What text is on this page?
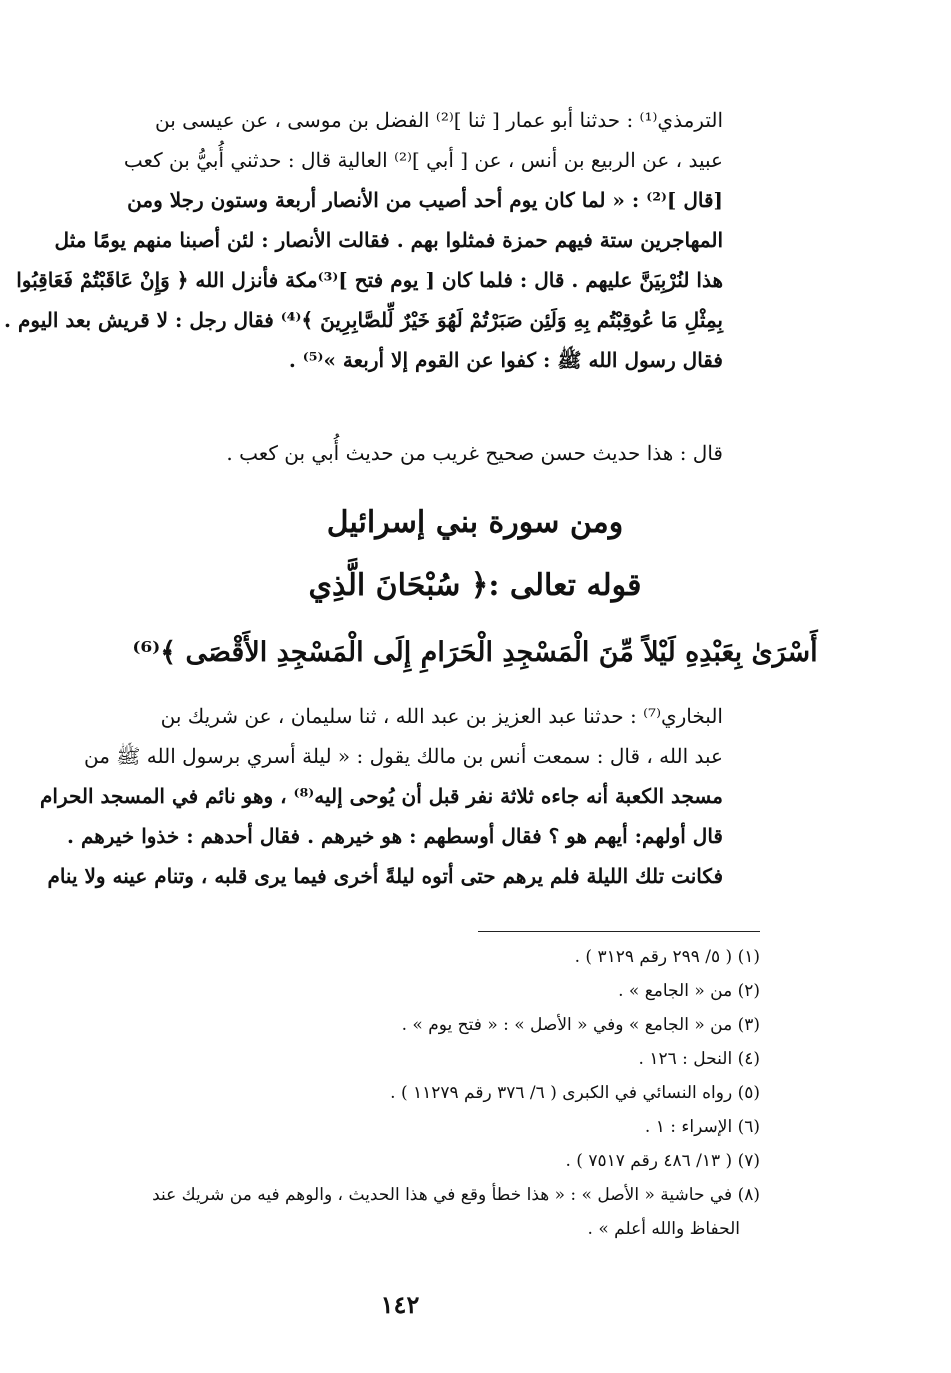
الترمذي⁽¹⁾ : حدثنا أبو عمار [ ثنا ]⁽²⁾ الفضل بن موسى ، عن عيسى بن
عبيد ، عن الربيع بن أنس ، عن [ أبي ]⁽²⁾ العالية قال : حدثني أُبيُّ بن كعب
[قال ]⁽²⁾ : « لما كان يوم أحد أصيب من الأنصار أربعة وستون رجلا ومن
المهاجرين ستة فيهم حمزة فمثلوا بهم . فقالت الأنصار : لئن أصبنا منهم يومًا مثل
هذا لنُرْبِيَنَّ عليهم . قال : فلما كان [ يوم فتح ]⁽³⁾مكة فأنزل الله ﴿ وَإِنْ عَاقَبْتُمْ فَعَاقِبُوا
بِمِثْلِ مَا عُوقِبْتُم بِهِ وَلَئِن صَبَرْتُمْ لَهُوَ خَيْرٌ لِّلصَّابِرِينَ ﴾⁽⁴⁾ فقال رجل : لا قريش بعد اليوم .
فقال رسول الله ﷺ : كفوا عن القوم إلا أربعة »⁽⁵⁾ .
قال : هذا حديث حسن صحيح غريب من حديث أُبي بن كعب .
ومن سورة بني إسرائيل
قوله تعالى :﴿ سُبْحَانَ الَّذِي
أَسْرَىٰ بِعَبْدِهِ لَيْلاً مِّنَ الْمَسْجِدِ الْحَرَامِ إِلَى الْمَسْجِدِ الأَقْصَى ﴾⁽⁶⁾
البخاري⁽⁷⁾ : حدثنا عبد العزيز بن عبد الله ، ثنا سليمان ، عن شريك بن
عبد الله ، قال : سمعت أنس بن مالك يقول : « ليلة أسري برسول الله ﷺ من
مسجد الكعبة أنه جاءه ثلاثة نفر قبل أن يُوحى إليه⁽⁸⁾ ، وهو نائم في المسجد الحرام
قال أولهم: أيهم هو ؟ فقال أوسطهم : هو خيرهم . فقال أحدهم : خذوا خيرهم .
فكانت تلك الليلة فلم يرهم حتى أتوه ليلةً أخرى فيما يرى قلبه ، وتنام عينه ولا ينام
(١) ( ٥/ ٢٩٩ رقم ٣١٢٩ ) .
(٢) من « الجامع » .
(٣) من « الجامع » وفي « الأصل » : « فتح يوم » .
(٤) النحل : ١٢٦ .
(٥) رواه النسائي في الكبرى ( ٦/ ٣٧٦ رقم ١١٢٧٩ ) .
(٦) الإسراء : ١ .
(٧) ( ١٣/ ٤٨٦ رقم ٧٥١٧ ) .
(٨) في حاشية « الأصل » : « هذا خطأ وقع في هذا الحديث ، والوهم فيه من شريك عند
الحفاظ والله أعلم » .
١٤٢
